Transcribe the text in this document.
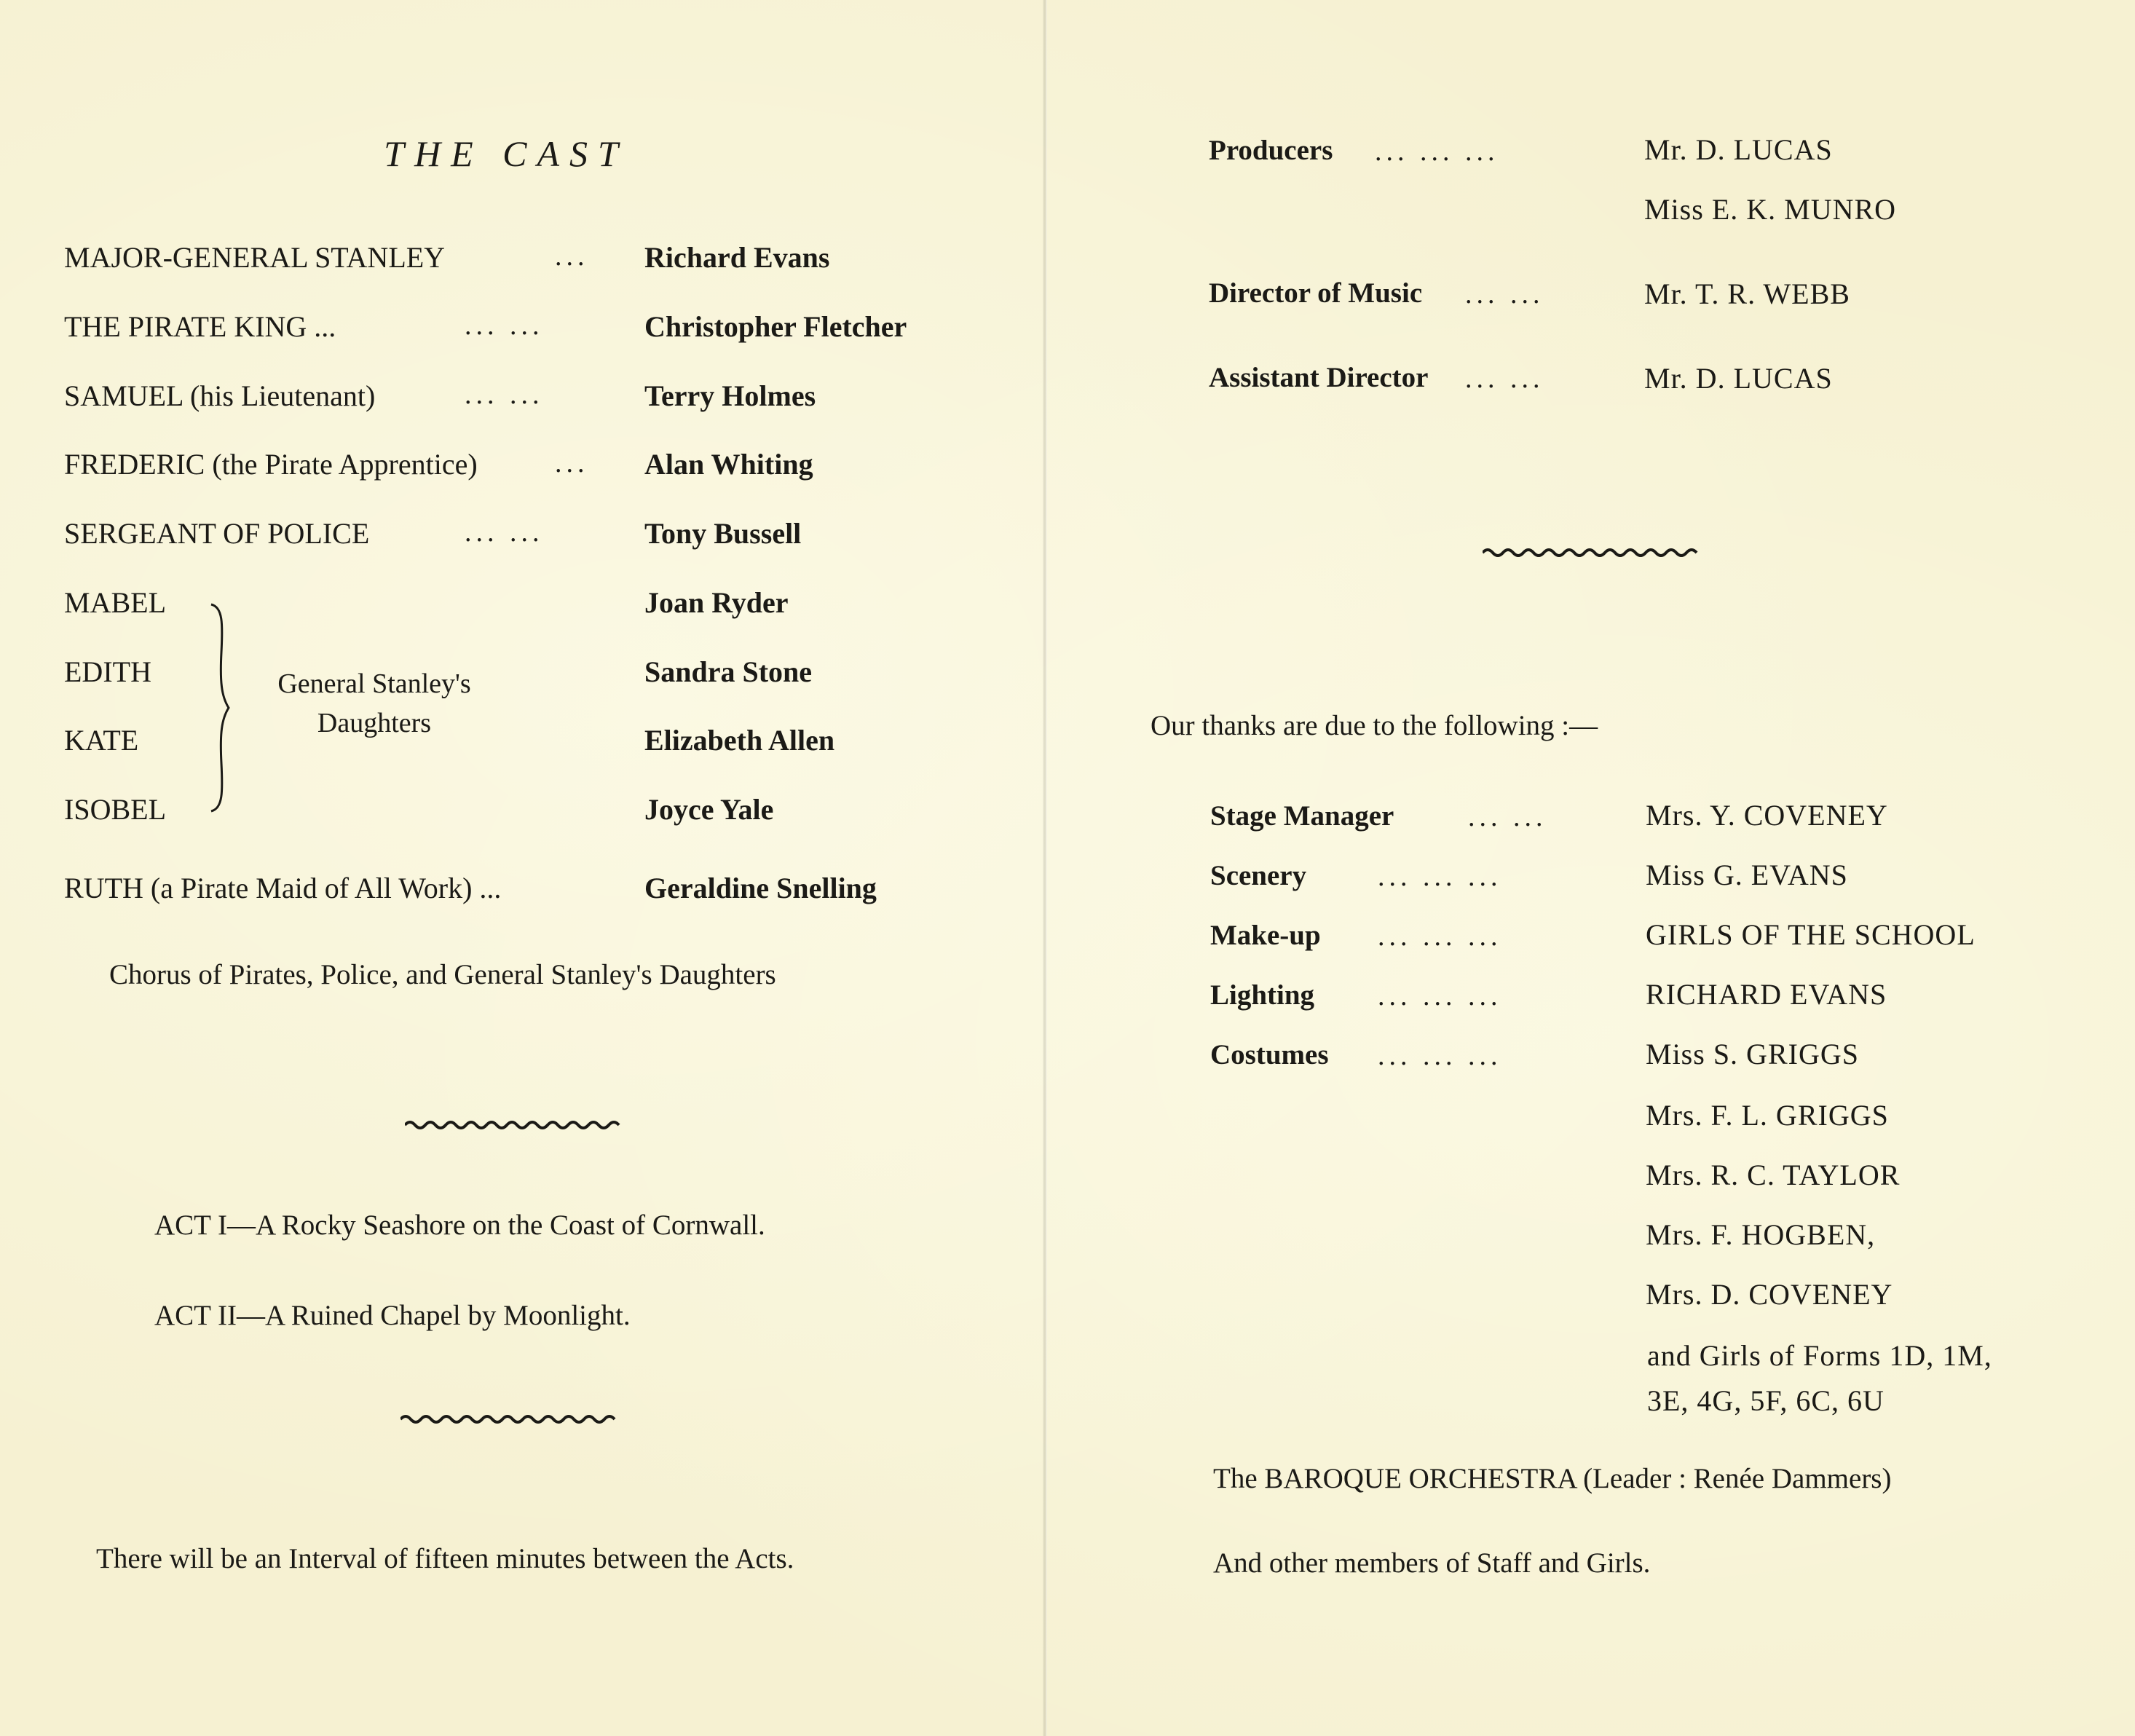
THE CAST
MAJOR-GENERAL STANLEY	... Richard Evans
THE PIRATE KING ...	... ...	Christopher Fletcher
SAMUEL (his Lieutenant)	... ...	Terry Holmes
FREDERIC (the Pirate Apprentice)	... Alan Whiting
SERGEANT OF POLICE	... ...	Tony Bussell
MABEL	Joan Ryder
EDITH	Sandra Stone
KATE	Elizabeth Allen
ISOBEL	Joyce Yale
General Stanley's
Daughters
RUTH (a Pirate Maid of All Work) ...	Geraldine Snelling
Chorus of Pirates, Police, and General Stanley's Daughters
ACT I—A Rocky Seashore on the Coast of Cornwall.
ACT II—A Ruined Chapel by Moonlight.
There will be an Interval of fifteen minutes between the Acts.
Producers ... ... ...	Mr. D. LUCAS
Miss E. K. MUNRO
Director of Music ... ...	Mr. T. R. WEBB
Assistant Director ... ...	Mr. D. LUCAS
Our thanks are due to the following :—
Stage Manager	... ...	Mrs. Y. COVENEY
Scenery	... ... ...	Miss G. EVANS
Make-up ... ... ...	GIRLS OF THE SCHOOL
Lighting ... ... ...	RICHARD EVANS
Costumes ... ... ...	Miss S. GRIGGS
Mrs. F. L. GRIGGS
Mrs. R. C. TAYLOR
Mrs. F. HOGBEN,
Mrs. D. COVENEY
and Girls of Forms 1D, 1M,
3E, 4G, 5F, 6C, 6U
The BAROQUE ORCHESTRA (Leader : Renée Dammers)
And other members of Staff and Girls.
